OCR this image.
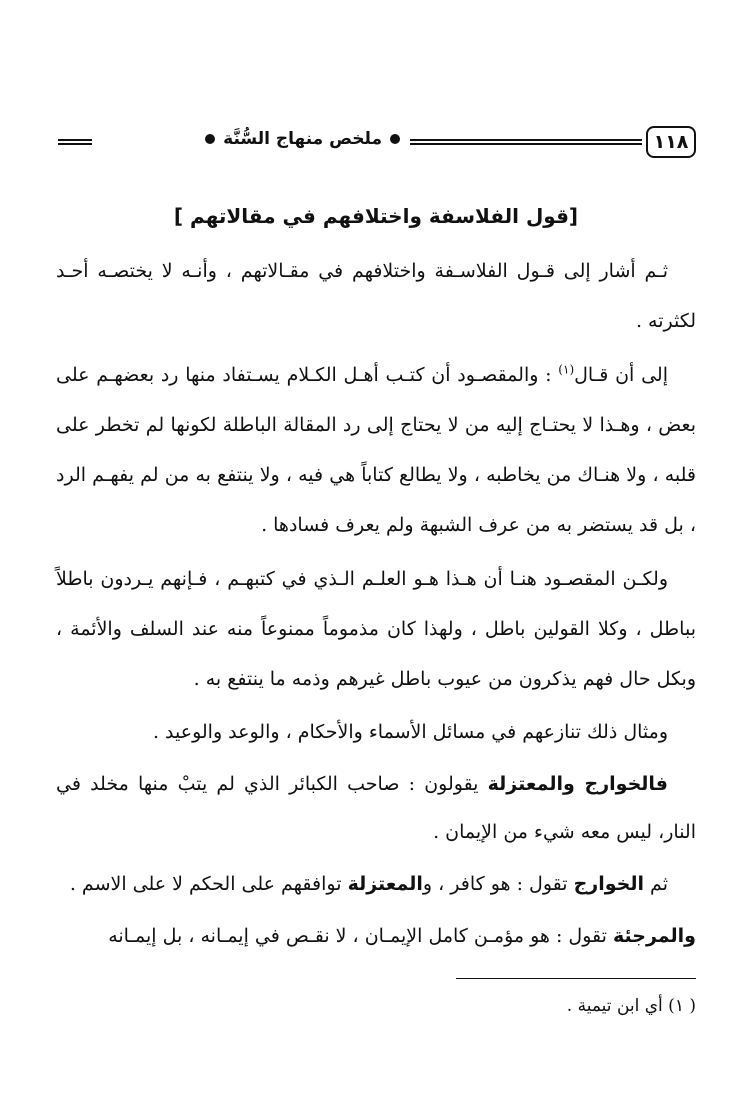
١١٨
ملخص منهاج السُّنَّة
[قول الفلاسفة واختلافهم في مقالاتهم ]

ثـم أشار إلى قـول الفلاسـفة واختلافهم في مقـالاتهم ، وأنـه لا يختصـه أحـد لكثرته .

إلى أن قـال$^{(١)}$ : والمقصـود أن كتـب أهـل الكـلام يسـتفاد منها رد بعضهـم على بعض ، وهـذا لا يحتـاج إليه من لا يحتاج إلى رد المقالة الباطلة لكونها لم تخطر على قلبه ، ولا هنـاك من يخاطبه ، ولا يطالع كتاباً هي فيه ، ولا ينتفع به من لم يفهـم الرد ، بل قد يستضر به من عرف الشبهة ولم يعرف فسادها .

ولكـن المقصـود هنـا أن هـذا هـو العلـم الـذي في كتبهـم ، فـإنهم يـردون باطلاً بباطل ، وكلا القولين باطل ، ولهذا كان مذموماً ممنوعاً منه عند السلف والأئمة ، وبكل حال فهم يذكرون من عيوب باطل غيرهم وذمه ما ينتفع به .

ومثال ذلك تنازعهم في مسائل الأسماء والأحكام ، والوعد والوعيد .

فالخوارج والمعتزلة يقولون : صاحب الكبائر الذي لم يتبْ منها مخلد في النار، ليس معه شيء من الإيمان .

ثم الخوارج تقول : هو كافر ، والمعتزلة توافقهم على الحكم لا على الاسم .

والمرجئة تقول : هو مؤمـن كامل الإيمـان ، لا نقـص في إيمـانه ، بل إيمـانه

( ١) أي ابن تيمية .
